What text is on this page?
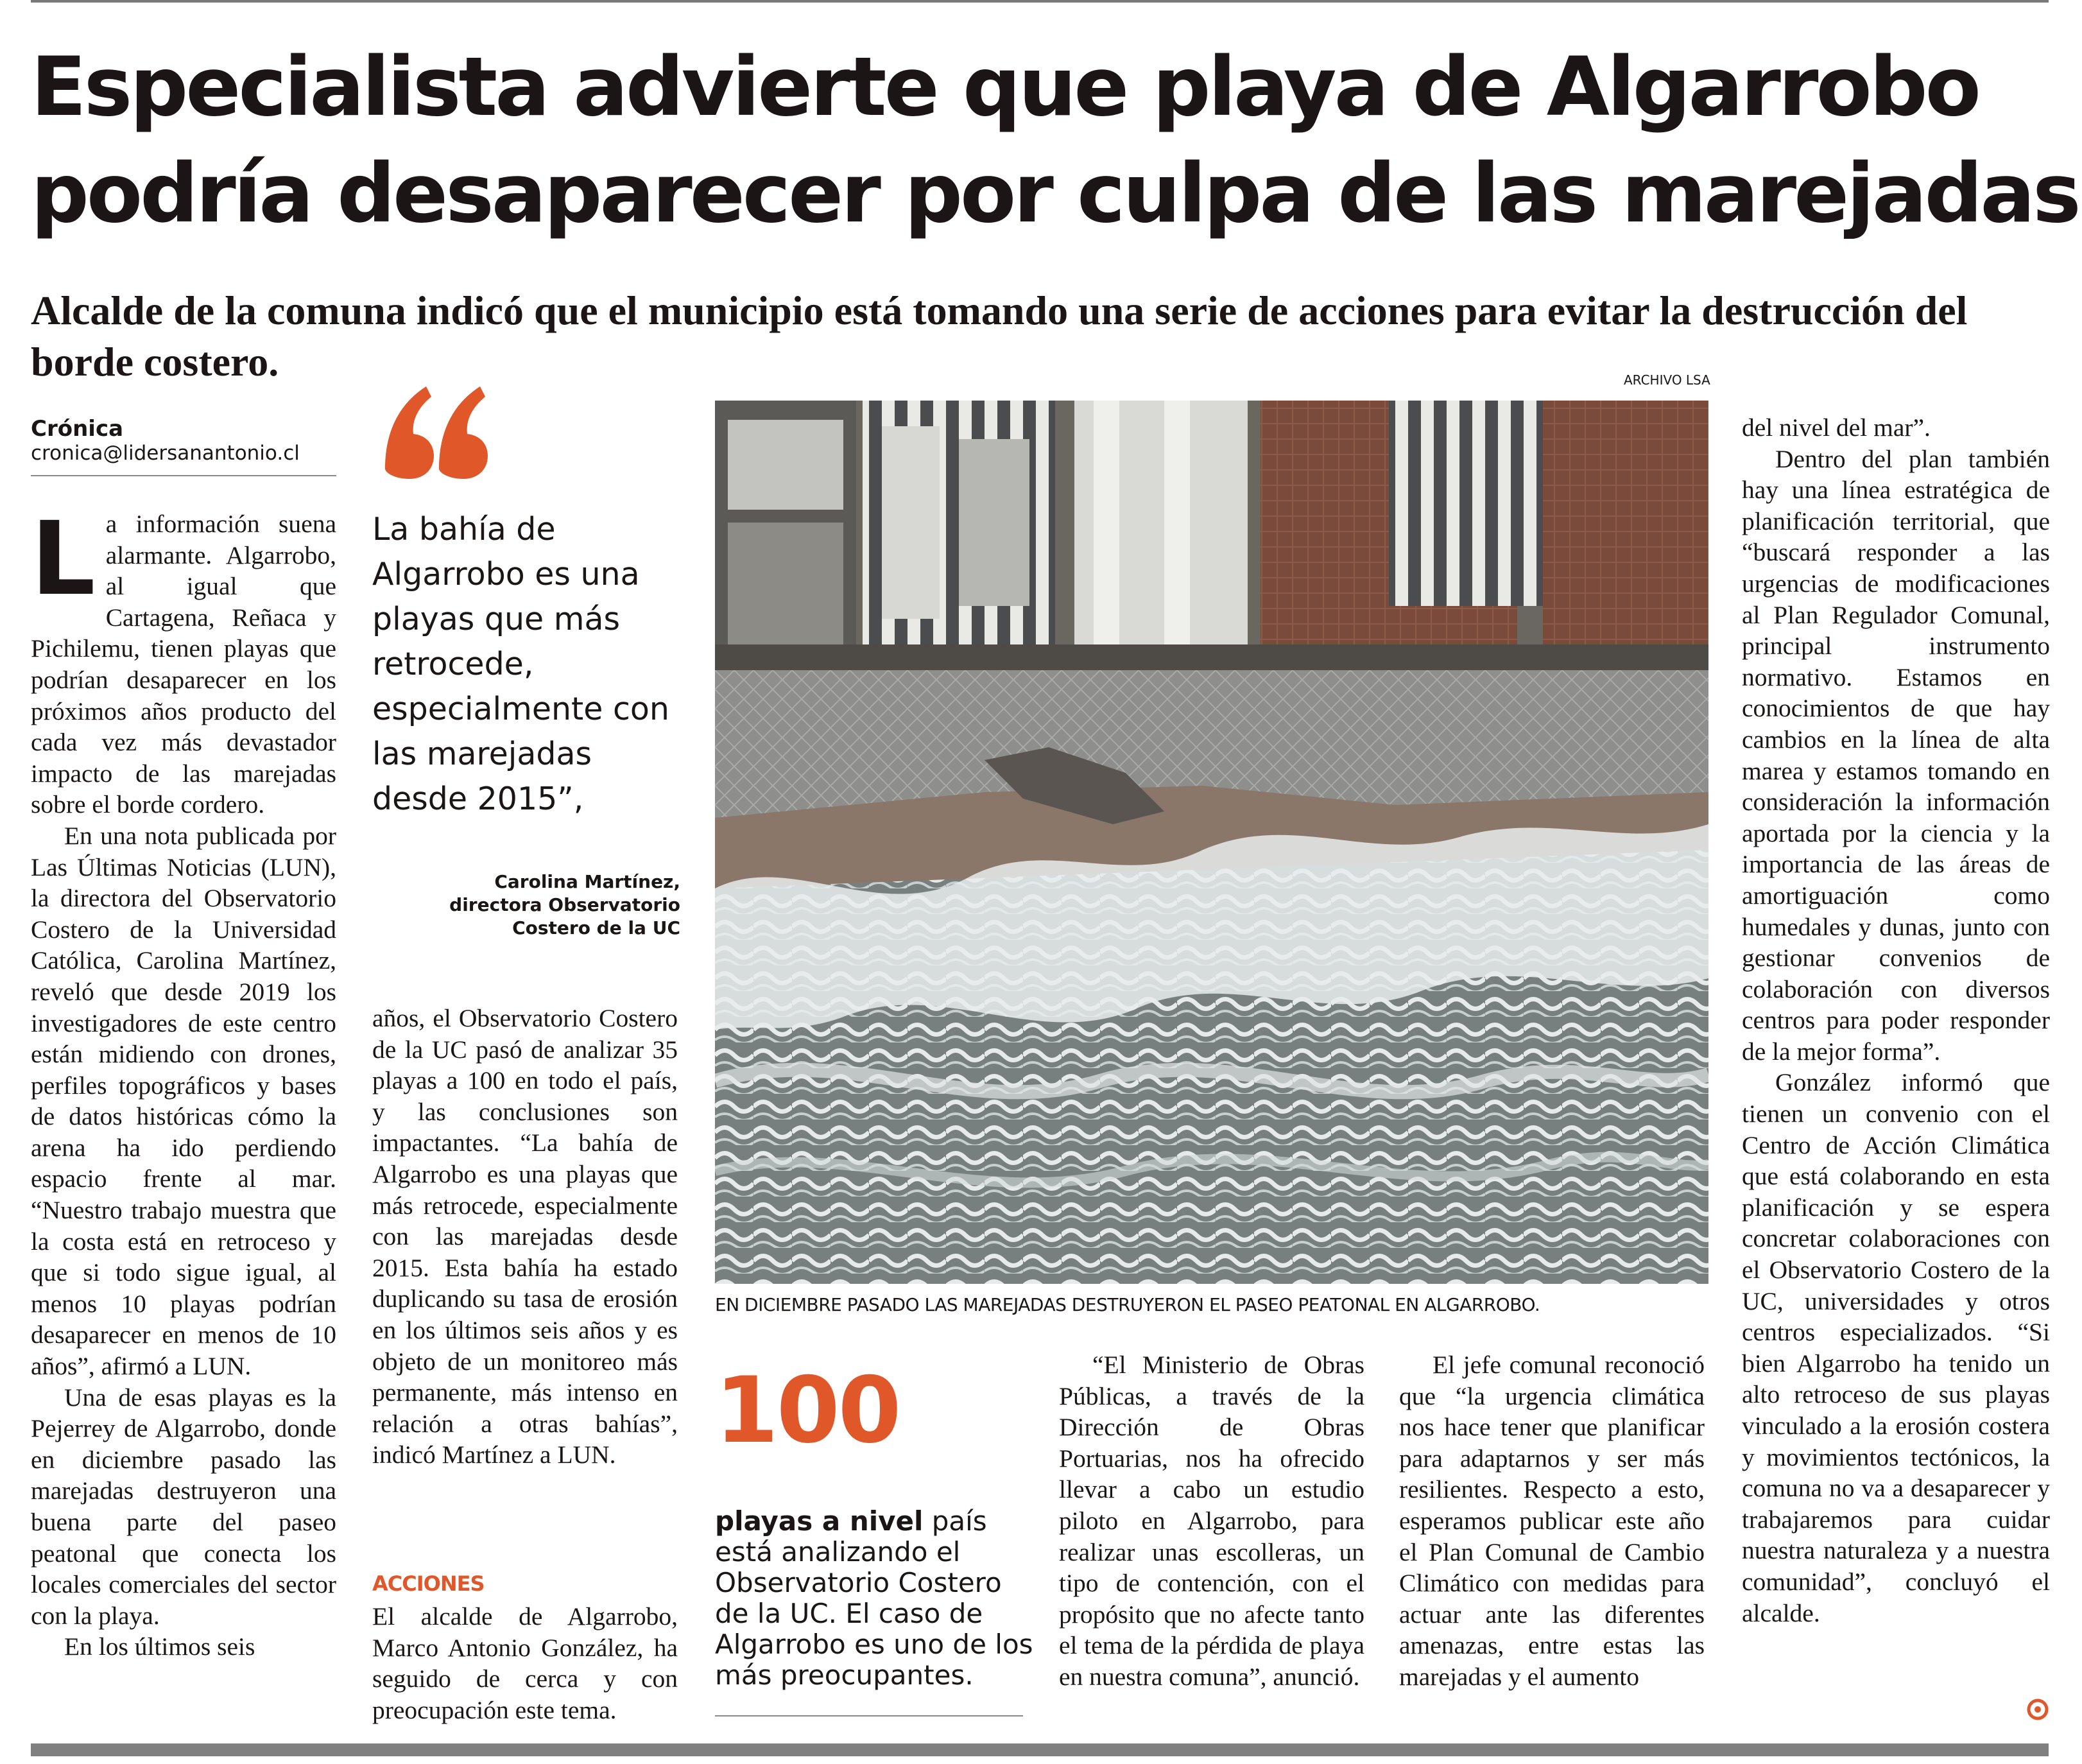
Especialista advierte que playa de Algarrobo
podría desaparecer por culpa de las marejadas
Alcalde de la comuna indicó que el municipio está tomando una serie de acciones para evitar la destrucción del borde costero.
Crónica
cronica@lidersanantonio.cl

La información suena alarmante. Algarrobo, al igual que Cartagena, Reñaca y Pichilemu, tienen playas que podrían desaparecer en los próximos años producto del cada vez más devastador impacto de las marejadas sobre el borde cordero.

En una nota publicada por Las Últimas Noticias (LUN), la directora del Observatorio Costero de la Universidad Católica, Carolina Martínez, reveló que desde 2019 los investigadores de este centro están midiendo con drones, perfiles topográficos y bases de datos históricas cómo la arena ha ido perdiendo espacio frente al mar. “Nuestro trabajo muestra que la costa está en retroceso y que si todo sigue igual, al menos 10 playas podrían desaparecer en menos de 10 años”, afirmó a LUN.

Una de esas playas es la Pejerrey de Algarrobo, donde en diciembre pasado las marejadas destruyeron una buena parte del paseo peatonal que conecta los locales comerciales del sector con la playa.

En los últimos seis

La bahía de Algarrobo es una playas que más retrocede, especialmente con las marejadas desde 2015”,
Carolina Martínez,
directora Observatorio Costero de la UC

años, el Observatorio Costero de la UC pasó de analizar 35 playas a 100 en todo el país, y las conclusiones son impactantes. “La bahía de Algarrobo es una playas que más retrocede, especialmente con las marejadas desde 2015. Esta bahía ha estado duplicando su tasa de erosión en los últimos seis años y es objeto de un monitoreo más permanente, más intenso en relación a otras bahías”, indicó Martínez a LUN.

ACCIONES

El alcalde de Algarrobo, Marco Antonio González, ha seguido de cerca y con preocupación este tema.

ARCHIVO LSA
EN DICIEMBRE PASADO LAS MAREJADAS DESTRUYERON EL PASEO PEATONAL EN ALGARROBO.
100
playas a nivel país está analizando el Observatorio Costero de la UC. El caso de Algarrobo es uno de los más preocupantes.

“El Ministerio de Obras Públicas, a través de la Dirección de Obras Portuarias, nos ha ofrecido llevar a cabo un estudio piloto en Algarrobo, para realizar unas escolleras, un tipo de contención, con el propósito que no afecte tanto el tema de la pérdida de playa en nuestra comuna”, anunció.

El jefe comunal reconoció que “la urgencia climática nos hace tener que planificar para adaptarnos y ser más resilientes. Respecto a esto, esperamos publicar este año el Plan Comunal de Cambio Climático con medidas para actuar ante las diferentes amenazas, entre estas las marejadas y el aumento

del nivel del mar”.

Dentro del plan también hay una línea estratégica de planificación territorial, que “buscará responder a las urgencias de modificaciones al Plan Regulador Comunal, principal instrumento normativo. Estamos en conocimientos de que hay cambios en la línea de alta marea y estamos tomando en consideración la información aportada por la ciencia y la importancia de las áreas de amortiguación como humedales y dunas, junto con gestionar convenios de colaboración con diversos centros para poder responder de la mejor forma”.

González informó que tienen un convenio con el Centro de Acción Climática que está colaborando en esta planificación y se espera concretar colaboraciones con el Observatorio Costero de la UC, universidades y otros centros especializados. “Si bien Algarrobo ha tenido un alto retroceso de sus playas vinculado a la erosión costera y movimientos tectónicos, la comuna no va a desaparecer y trabajaremos para cuidar nuestra naturaleza y a nuestra comunidad”, concluyó el alcalde.
